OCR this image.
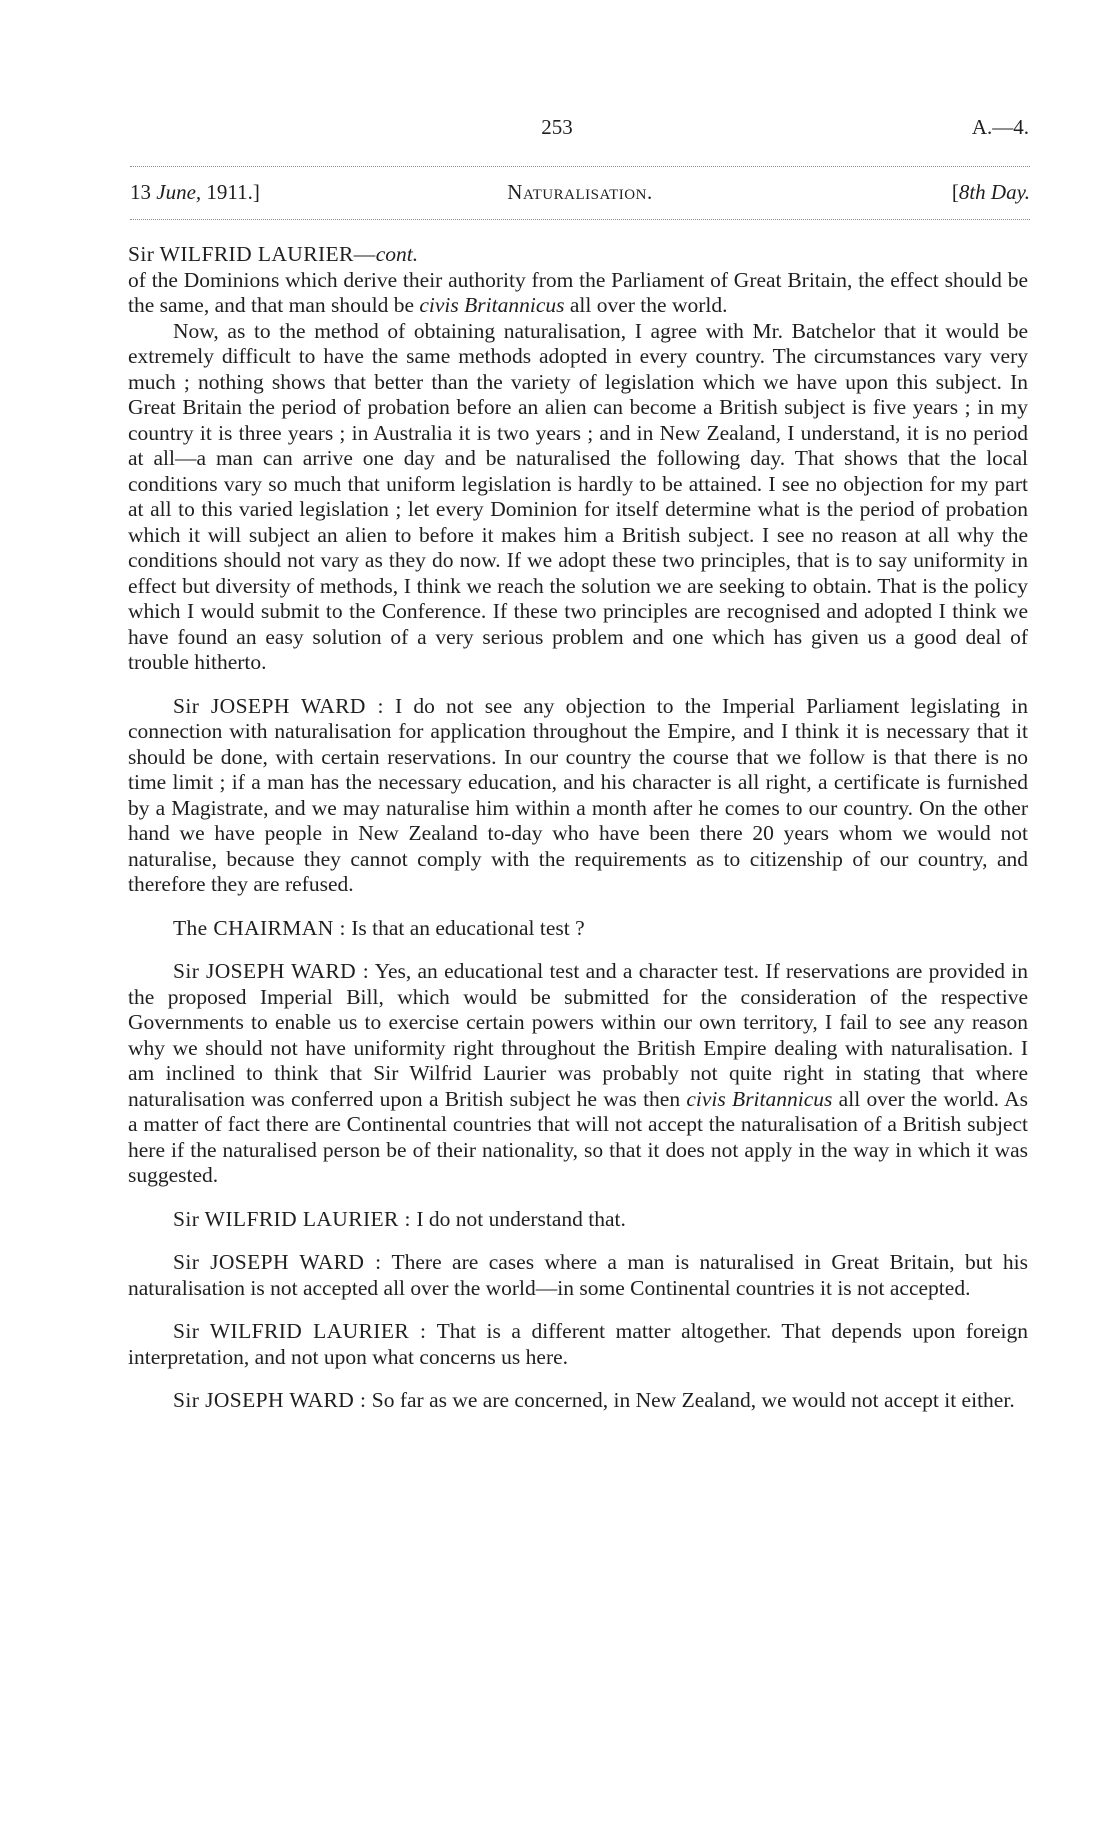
253	A.—4.
Naturalisation.
13 June, 1911.]	[8th Day.

Sir WILFRID LAURIER—cont.

of the Dominions which derive their authority from the Parliament of Great Britain, the effect should be the same, and that man should be civis Britannicus all over the world.

Now, as to the method of obtaining naturalisation, I agree with Mr. Batchelor that it would be extremely difficult to have the same methods adopted in every country. The circumstances vary very much ; nothing shows that better than the variety of legislation which we have upon this subject. In Great Britain the period of probation before an alien can become a British subject is five years ; in my country it is three years ; in Australia it is two years ; and in New Zealand, I understand, it is no period at all—a man can arrive one day and be naturalised the following day. That shows that the local conditions vary so much that uniform legislation is hardly to be attained. I see no objection for my part at all to this varied legislation ; let every Dominion for itself determine what is the period of probation which it will subject an alien to before it makes him a British subject. I see no reason at all why the conditions should not vary as they do now. If we adopt these two principles, that is to say uniformity in effect but diversity of methods, I think we reach the solution we are seeking to obtain. That is the policy which I would submit to the Conference. If these two principles are recognised and adopted I think we have found an easy solution of a very serious problem and one which has given us a good deal of trouble hitherto.

Sir JOSEPH WARD : I do not see any objection to the Imperial Parliament legislating in connection with naturalisation for application throughout the Empire, and I think it is necessary that it should be done, with certain reservations. In our country the course that we follow is that there is no time limit ; if a man has the necessary education, and his character is all right, a certificate is furnished by a Magistrate, and we may naturalise him within a month after he comes to our country. On the other hand we have people in New Zealand to-day who have been there 20 years whom we would not naturalise, because they cannot comply with the requirements as to citizenship of our country, and therefore they are refused.

The CHAIRMAN : Is that an educational test ?

Sir JOSEPH WARD : Yes, an educational test and a character test. If reservations are provided in the proposed Imperial Bill, which would be submitted for the consideration of the respective Governments to enable us to exercise certain powers within our own territory, I fail to see any reason why we should not have uniformity right throughout the British Empire dealing with naturalisation. I am inclined to think that Sir Wilfrid Laurier was probably not quite right in stating that where naturalisation was conferred upon a British subject he was then civis Britannicus all over the world. As a matter of fact there are Continental countries that will not accept the naturalisation of a British subject here if the naturalised person be of their nationality, so that it does not apply in the way in which it was suggested.

Sir WILFRID LAURIER : I do not understand that.

Sir JOSEPH WARD : There are cases where a man is naturalised in Great Britain, but his naturalisation is not accepted all over the world—in some Continental countries it is not accepted.

Sir WILFRID LAURIER : That is a different matter altogether. That depends upon foreign interpretation, and not upon what concerns us here.

Sir JOSEPH WARD : So far as we are concerned, in New Zealand, we would not accept it either.
